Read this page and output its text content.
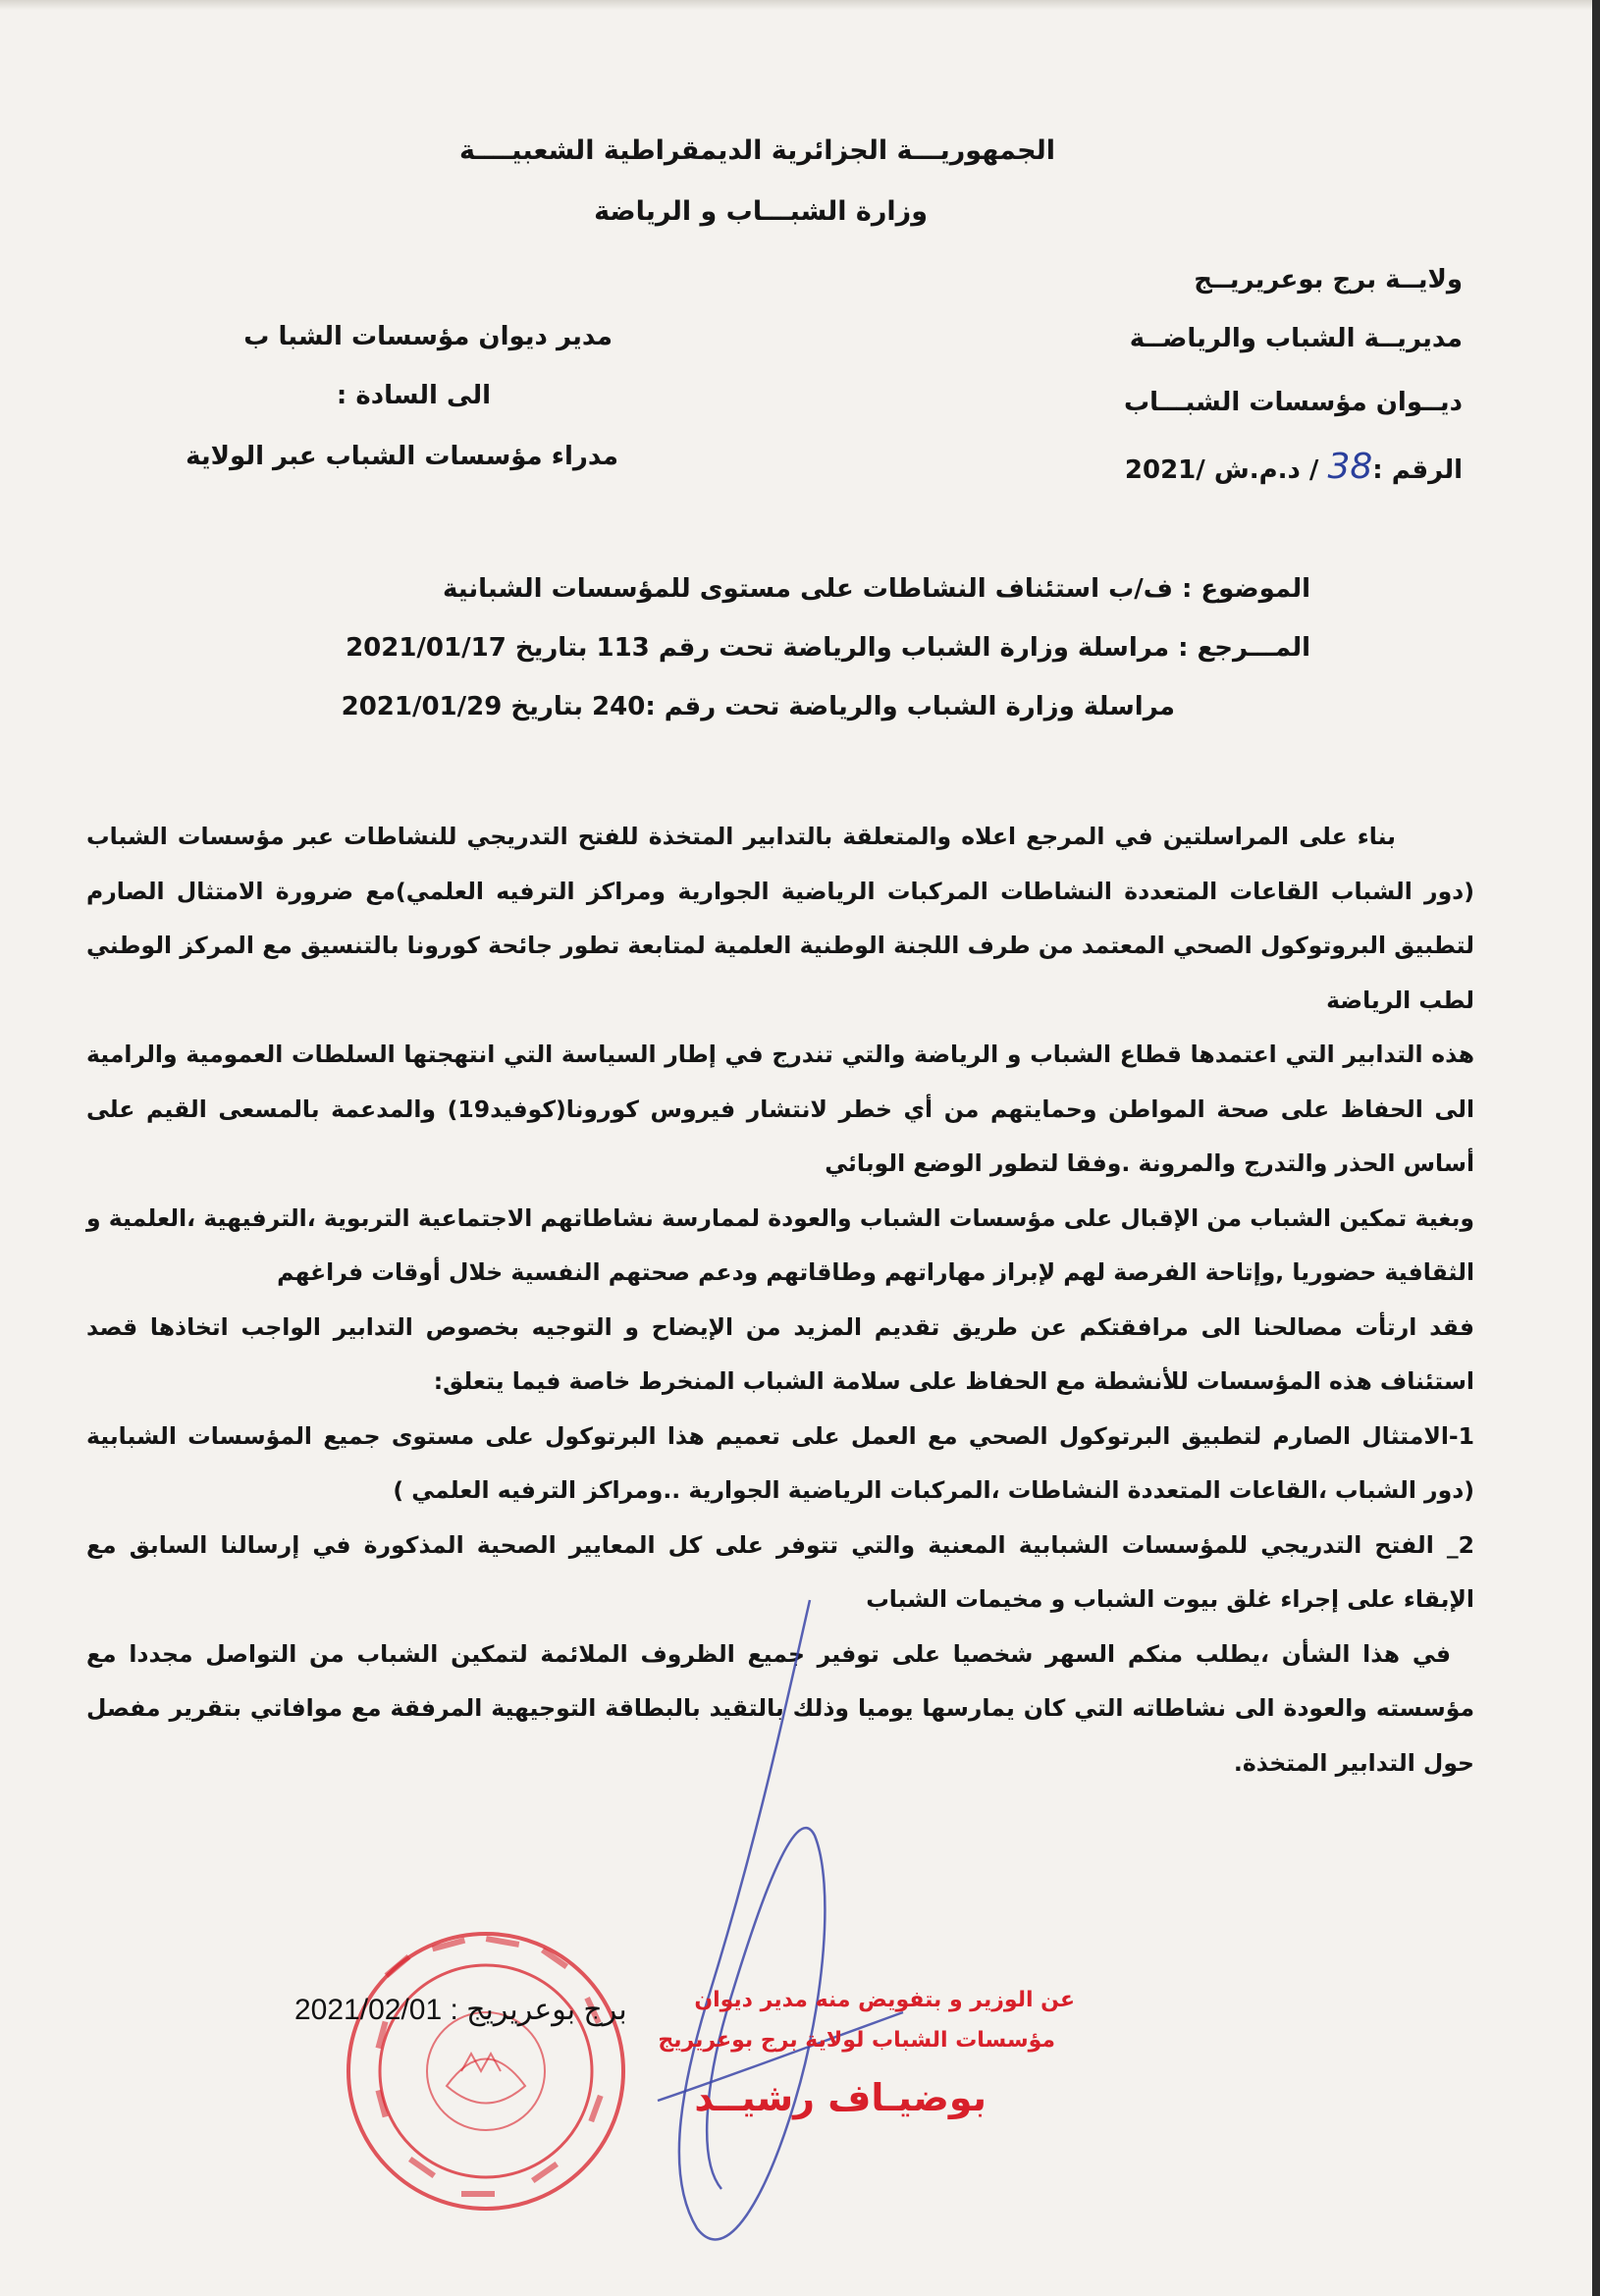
الجمهوريـــة الجزائرية الديمقراطية الشعبيــــة
وزارة الشبـــاب و الرياضة
ولايــة برج بوعريريــج
مديريــة الشباب والرياضــة
ديــوان مؤسسات الشبـــاب
الرقم :38 / د.م.ش /2021
مدير ديوان مؤسسات الشبا ب
الى السادة :
مدراء مؤسسات الشباب عبر الولاية
الموضوع : ف/ب استئناف النشاطات على مستوى للمؤسسات الشبانية
المـــرجع : مراسلة وزارة الشباب والرياضة تحت رقم 113 بتاريخ 2021/01/17
مراسلة وزارة الشباب والرياضة تحت رقم :240 بتاريخ 2021/01/29

بناء على المراسلتين في المرجع اعلاه والمتعلقة بالتدابير المتخذة للفتح التدريجي للنشاطات عبر مؤسسات الشباب (دور الشباب القاعات المتعددة النشاطات المركبات الرياضية الجوارية ومراكز الترفيه العلمي)مع ضرورة الامتثال الصارم لتطبيق البروتوكول الصحي المعتمد من طرف اللجنة الوطنية العلمية لمتابعة تطور جائحة كورونا بالتنسيق مع المركز الوطني لطب الرياضة

هذه التدابير التي اعتمدها قطاع الشباب و الرياضة والتي تندرج في إطار السياسة التي انتهجتها السلطات العمومية والرامية الى الحفاظ على صحة المواطن وحمايتهم من أي خطر لانتشار فيروس كورونا(كوفيد19) والمدعمة بالمسعى القيم على أساس الحذر والتدرج والمرونة .وفقا لتطور الوضع الوبائي

وبغية تمكين الشباب من الإقبال على مؤسسات الشباب والعودة لممارسة نشاطاتهم الاجتماعية التربوية ،الترفيهية ،العلمية و الثقافية حضوريا ,وإتاحة الفرصة لهم لإبراز مهاراتهم وطاقاتهم ودعم صحتهم النفسية خلال أوقات فراغهم

فقد ارتأت مصالحنا الى مرافقتكم عن طريق تقديم المزيد من الإيضاح و التوجيه بخصوص التدابير الواجب اتخاذها قصد استئناف هذه المؤسسات للأنشطة مع الحفاظ على سلامة الشباب المنخرط خاصة فيما يتعلق:

1-الامتثال الصارم لتطبيق البرتوكول الصحي مع العمل على تعميم هذا البرتوكول على مستوى جميع المؤسسات الشبابية (دور الشباب ،القاعات المتعددة النشاطات ،المركبات الرياضية الجوارية ..ومراكز الترفيه العلمي )

2_ الفتح التدريجي للمؤسسات الشبابية المعنية والتي تتوفر على كل المعايير الصحية المذكورة في إرسالنا السابق مع الإبقاء على إجراء غلق بيوت الشباب و مخيمات الشباب

في هذا الشأن ،يطلب منكم السهر شخصيا على توفير جميع الظروف الملائمة لتمكين الشباب من التواصل مجددا مع مؤسسته والعودة الى نشاطاته التي كان يمارسها يوميا وذلك بالتقيد بالبطاقة التوجيهية المرفقة مع موافاتي بتقرير مفصل حول التدابير المتخذة.

برج بوعريريج : 2021/02/01	عن الوزير و بتفويض منه مدير ديوان
مؤسسات الشباب لولاية برج بوعريريج
بوضيـاف رشيــد
